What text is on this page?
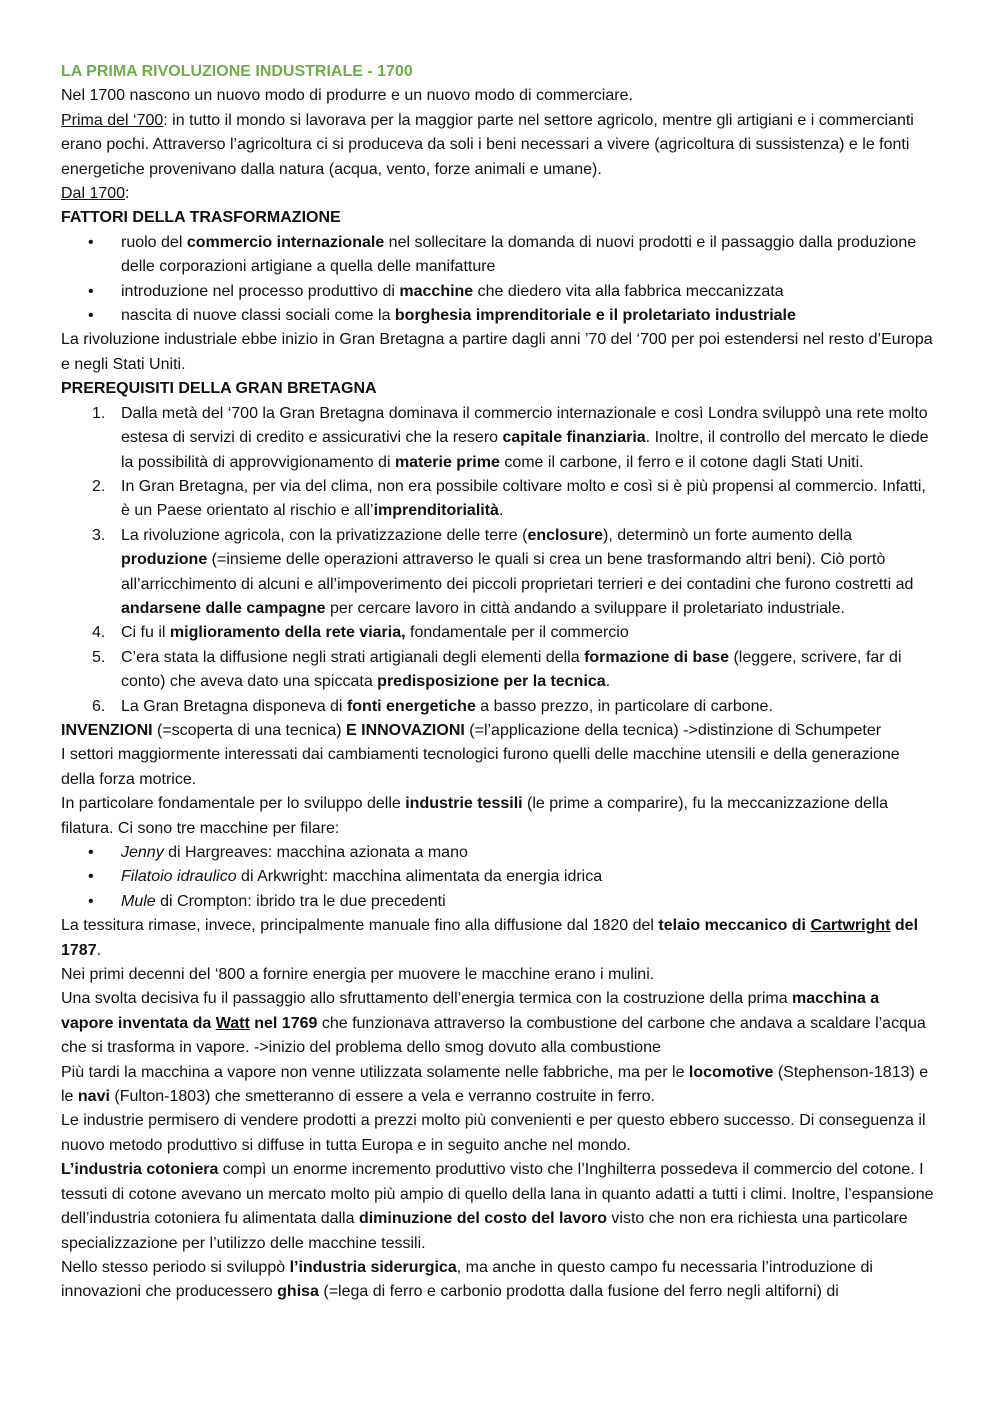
LA PRIMA RIVOLUZIONE INDUSTRIALE - 1700

Nel 1700 nascono un nuovo modo di produrre e un nuovo modo di commerciare.

Prima del ‘700: in tutto il mondo si lavorava per la maggior parte nel settore agricolo, mentre gli artigiani e i commercianti erano pochi. Attraverso l’agricoltura ci si produceva da soli i beni necessari a vivere (agricoltura di sussistenza) e le fonti energetiche provenivano dalla natura (acqua, vento, forze animali e umane).

Dal 1700:

FATTORI DELLA TRASFORMAZIONE

• ruolo del commercio internazionale nel sollecitare la domanda di nuovi prodotti e il passaggio dalla produzione delle corporazioni artigiane a quella delle manifatture
• introduzione nel processo produttivo di macchine che diedero vita alla fabbrica meccanizzata
• nascita di nuove classi sociali come la borghesia imprenditoriale e il proletariato industriale

La rivoluzione industriale ebbe inizio in Gran Bretagna a partire dagli anni ’70 del ‘700 per poi estendersi nel resto d’Europa e negli Stati Uniti.

PREREQUISITI DELLA GRAN BRETAGNA

1. Dalla metà del ‘700 la Gran Bretagna dominava il commercio internazionale e così Londra sviluppò una rete molto estesa di servizi di credito e assicurativi che la resero capitale finanziaria. Inoltre, il controllo del mercato le diede la possibilità di approvvigionamento di materie prime come il carbone, il ferro e il cotone dagli Stati Uniti.
2. In Gran Bretagna, per via del clima, non era possibile coltivare molto e così si è più propensi al commercio. Infatti, è un Paese orientato al rischio e all’imprenditorialità.
3. La rivoluzione agricola, con la privatizzazione delle terre (enclosure), determinò un forte aumento della produzione (=insieme delle operazioni attraverso le quali si crea un bene trasformando altri beni). Ciò portò all’arricchimento di alcuni e all’impoverimento dei piccoli proprietari terrieri e dei contadini che furono costretti ad andarsene dalle campagne per cercare lavoro in città andando a sviluppare il proletariato industriale.
4. Ci fu il miglioramento della rete viaria, fondamentale per il commercio
5. C’era stata la diffusione negli strati artigianali degli elementi della formazione di base (leggere, scrivere, far di conto) che aveva dato una spiccata predisposizione per la tecnica.
6. La Gran Bretagna disponeva di fonti energetiche a basso prezzo, in particolare di carbone.

INVENZIONI (=scoperta di una tecnica) E INNOVAZIONI (=l’applicazione della tecnica) ->distinzione di Schumpeter

I settori maggiormente interessati dai cambiamenti tecnologici furono quelli delle macchine utensili e della generazione della forza motrice.

In particolare fondamentale per lo sviluppo delle industrie tessili (le prime a comparire), fu la meccanizzazione della filatura. Ci sono tre macchine per filare:

• Jenny di Hargreaves: macchina azionata a mano
• Filatoio idraulico di Arkwright: macchina alimentata da energia idrica
• Mule di Crompton: ibrido tra le due precedenti

La tessitura rimase, invece, principalmente manuale fino alla diffusione dal 1820 del telaio meccanico di Cartwright del 1787.

Nei primi decenni del ‘800 a fornire energia per muovere le macchine erano i mulini.

Una svolta decisiva fu il passaggio allo sfruttamento dell’energia termica con la costruzione della prima macchina a vapore inventata da Watt nel 1769 che funzionava attraverso la combustione del carbone che andava a scaldare l’acqua che si trasforma in vapore. ->inizio del problema dello smog dovuto alla combustione

Più tardi la macchina a vapore non venne utilizzata solamente nelle fabbriche, ma per le locomotive (Stephenson-1813) e le navi (Fulton-1803) che smetteranno di essere a vela e verranno costruite in ferro.

Le industrie permisero di vendere prodotti a prezzi molto più convenienti e per questo ebbero successo. Di conseguenza il nuovo metodo produttivo si diffuse in tutta Europa e in seguito anche nel mondo.

L’industria cotoniera compì un enorme incremento produttivo visto che l’Inghilterra possedeva il commercio del cotone. I tessuti di cotone avevano un mercato molto più ampio di quello della lana in quanto adatti a tutti i climi. Inoltre, l’espansione dell’industria cotoniera fu alimentata dalla diminuzione del costo del lavoro visto che non era richiesta una particolare specializzazione per l’utilizzo delle macchine tessili.

Nello stesso periodo si sviluppò l’industria siderurgica, ma anche in questo campo fu necessaria l’introduzione di innovazioni che producessero ghisa (=lega di ferro e carbonio prodotta dalla fusione del ferro negli altiforni) di
